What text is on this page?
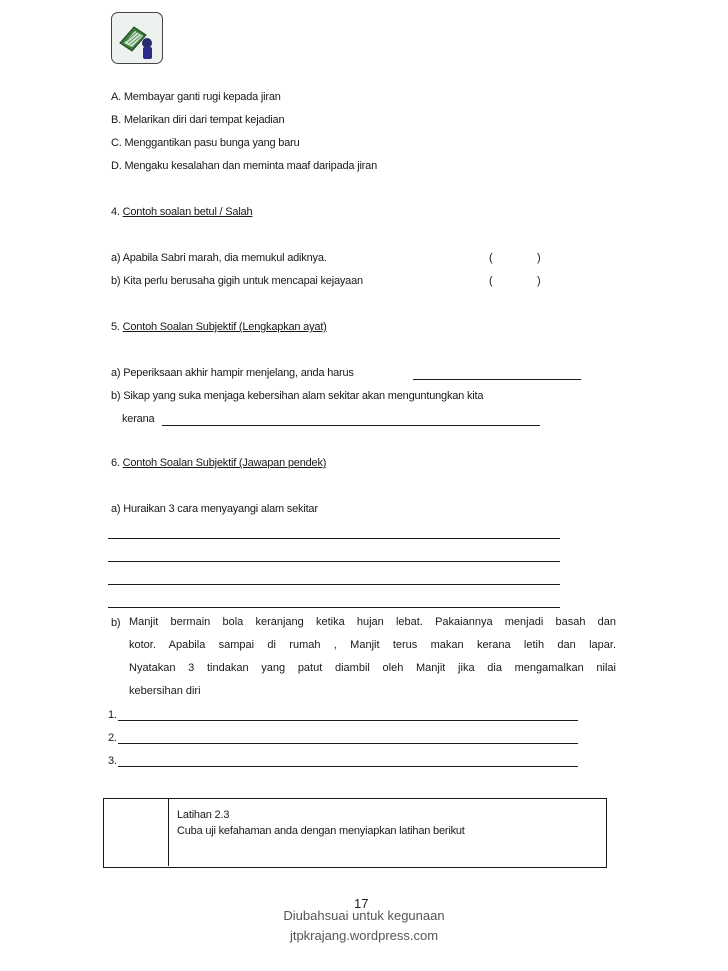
A. Membayar ganti rugi kepada jiran
B. Melarikan diri dari tempat kejadian
C. Menggantikan pasu bunga yang baru
D. Mengaku kesalahan dan meminta maaf daripada jiran
4. Contoh soalan betul / Salah
a) Apabila Sabri marah, dia memukul adiknya.	(	)
b) Kita perlu berusaha gigih untuk mencapai kejayaan	(	)
5. Contoh Soalan Subjektif (Lengkapkan ayat)
a) Peperiksaan akhir hampir menjelang, anda harus
b) Sikap yang suka menjaga kebersihan alam sekitar akan menguntungkan kita
kerana
6. Contoh Soalan Subjektif (Jawapan pendek)
a) Huraikan 3 cara menyayangi alam sekitar
b) Manjit bermain bola keranjang ketika hujan lebat. Pakaiannya menjadi basah dan
kotor. Apabila sampai di rumah , Manjit terus makan kerana letih dan lapar.
Nyatakan 3 tindakan yang patut diambil oleh Manjit jika dia mengamalkan nilai
kebersihan diri
1.
2.
3.
Latihan 2.3
Cuba uji kefahaman anda dengan menyiapkan latihan berikut
17
Diubahsuai untuk kegunaan
jtpkrajang.wordpress.com
